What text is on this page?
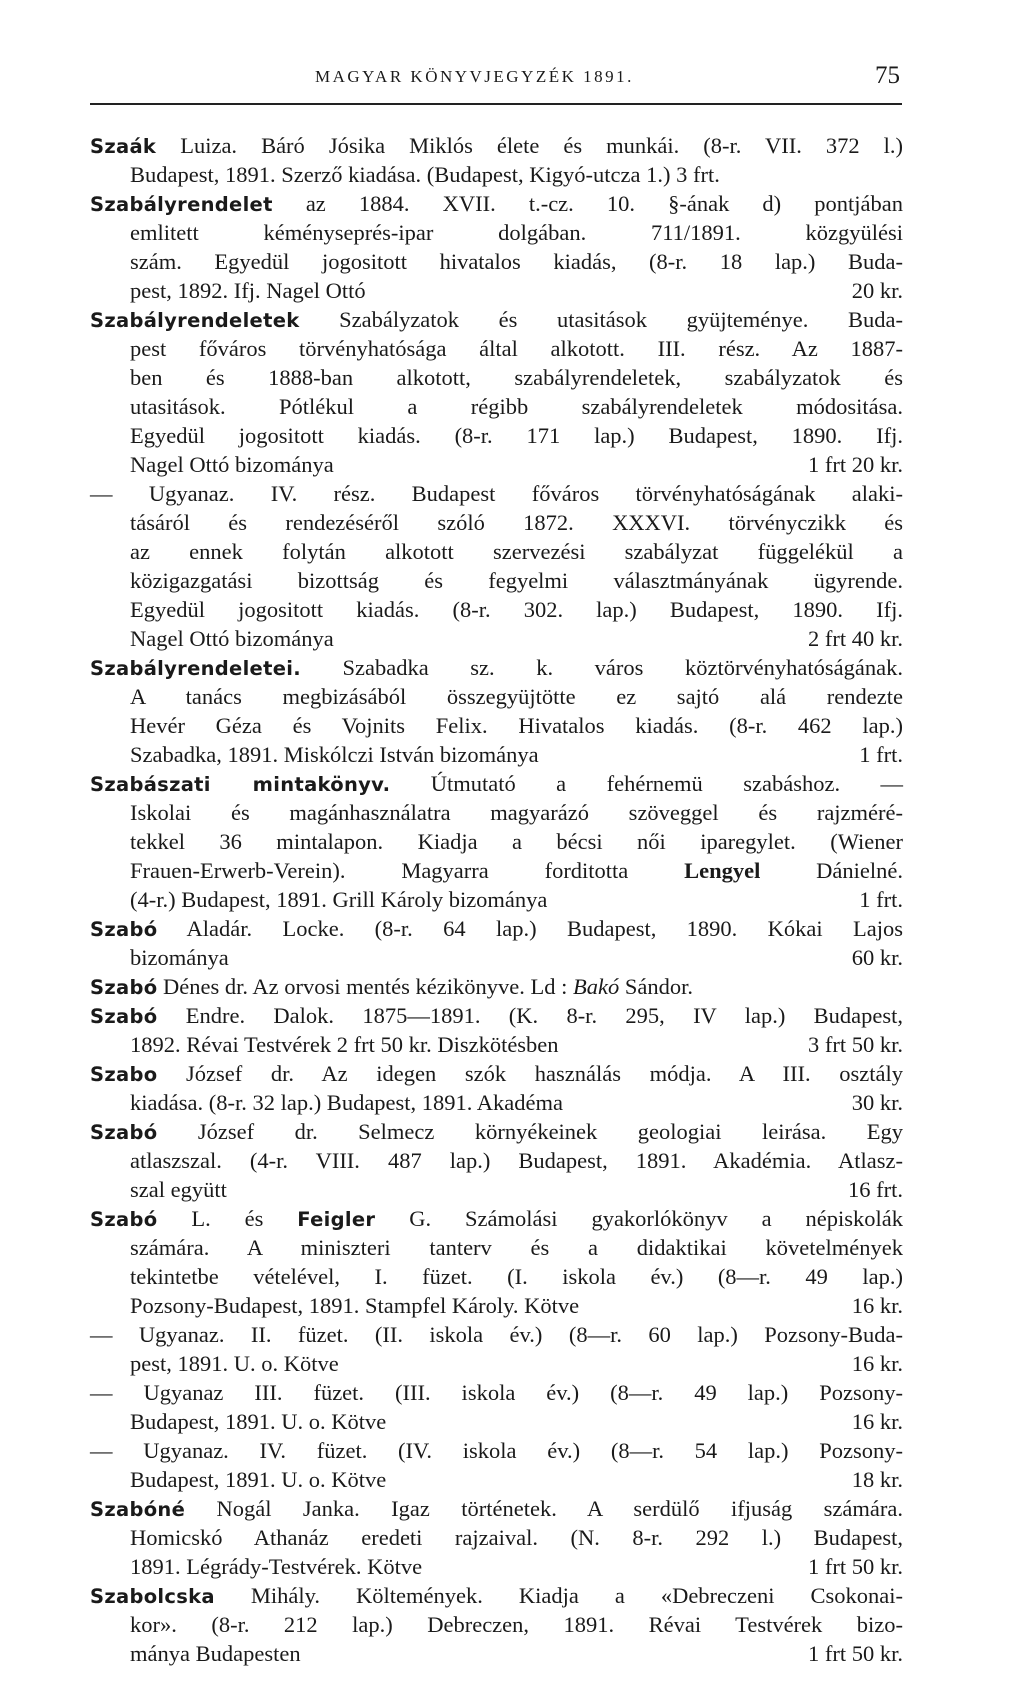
MAGYAR KÖNYVJEGYZÉK 1891.	75
Szaák Luiza. Báró Jósika Miklós élete és munkái. (8-r. VII. 372 l.)
Budapest, 1891. Szerző kiadása. (Budapest, Kigyó-utcza 1.) 3 frt.
Szabályrendelet az 1884. XVII. t.-cz. 10. §-ának d) pontjában
emlitett kéményseprés-ipar dolgában. 711/1891. közgyülési
szám. Egyedül jogositott hivatalos kiadás, (8-r. 18 lap.) Buda-
pest, 1892. Ifj. Nagel Ottó	20 kr.
Szabályrendeletek Szabályzatok és utasitások gyüjteménye. Buda-
pest főváros törvényhatósága által alkotott. III. rész. Az 1887-
ben és 1888-ban alkotott, szabályrendeletek, szabályzatok és
utasitások. Pótlékul a régibb szabályrendeletek módositása.
Egyedül jogositott kiadás. (8-r. 171 lap.) Budapest, 1890. Ifj.
Nagel Ottó bizománya	1 frt 20 kr.
— Ugyanaz. IV. rész. Budapest főváros törvényhatóságának alaki-
tásáról és rendezéséről szóló 1872. XXXVI. törvényczikk és
az ennek folytán alkotott szervezési szabályzat függelékül a
közigazgatási bizottság és fegyelmi választmányának ügyrende.
Egyedül jogositott kiadás. (8-r. 302. lap.) Budapest, 1890. Ifj.
Nagel Ottó bizománya	2 frt 40 kr.
Szabályrendeletei. Szabadka sz. k. város köztörvényhatóságának.
A tanács megbizásából összegyüjtötte ez sajtó alá rendezte
Hevér Géza és Vojnits Felix. Hivatalos kiadás. (8-r. 462 lap.)
Szabadka, 1891. Miskólczi István bizománya	1 frt.
Szabászati mintakönyv. Útmutató a fehérnemü szabáshoz. —
Iskolai és magánhasználatra magyarázó szöveggel és rajzméré-
tekkel 36 mintalapon. Kiadja a bécsi női iparegylet. (Wiener
Frauen-Erwerb-Verein). Magyarra forditotta Lengyel Dánielné.
(4-r.) Budapest, 1891. Grill Károly bizománya	1 frt.
Szabó Aladár. Locke. (8-r. 64 lap.) Budapest, 1890. Kókai Lajos
bizománya	60 kr.
Szabó Dénes dr. Az orvosi mentés kézikönyve. Ld : Bakó Sándor.
Szabó Endre. Dalok. 1875—1891. (K. 8-r. 295, IV lap.) Budapest,
1892. Révai Testvérek 2 frt 50 kr. Diszkötésben	3 frt 50 kr.
Szabo József dr. Az idegen szók használás módja. A III. osztály
kiadása. (8-r. 32 lap.) Budapest, 1891. Akadéma	30 kr.
Szabó József dr. Selmecz környékeinek geologiai leirása. Egy
atlaszszal. (4-r. VIII. 487 lap.) Budapest, 1891. Akadémia. Atlasz-
szal együtt	16 frt.
Szabó L. és Feigler G. Számolási gyakorlókönyv a népiskolák
számára. A miniszteri tanterv és a didaktikai követelmények
tekintetbe vételével, I. füzet. (I. iskola év.) (8—r. 49 lap.)
Pozsony-Budapest, 1891. Stampfel Károly. Kötve	16 kr.
— Ugyanaz. II. füzet. (II. iskola év.) (8—r. 60 lap.) Pozsony-Buda-
pest, 1891. U. o. Kötve	16 kr.
— Ugyanaz III. füzet. (III. iskola év.) (8—r. 49 lap.) Pozsony-
Budapest, 1891. U. o. Kötve	16 kr.
— Ugyanaz. IV. füzet. (IV. iskola év.) (8—r. 54 lap.) Pozsony-
Budapest, 1891. U. o. Kötve	18 kr.
Szabóné Nogál Janka. Igaz történetek. A serdülő ifjuság számára.
Homicskó Athanáz eredeti rajzaival. (N. 8-r. 292 l.) Budapest,
1891. Légrády-Testvérek. Kötve	1 frt 50 kr.
Szabolcska Mihály. Költemények. Kiadja a «Debreczeni Csokonai-
kor». (8-r. 212 lap.) Debreczen, 1891. Révai Testvérek bizo-
mánya Budapesten	1 frt 50 kr.
